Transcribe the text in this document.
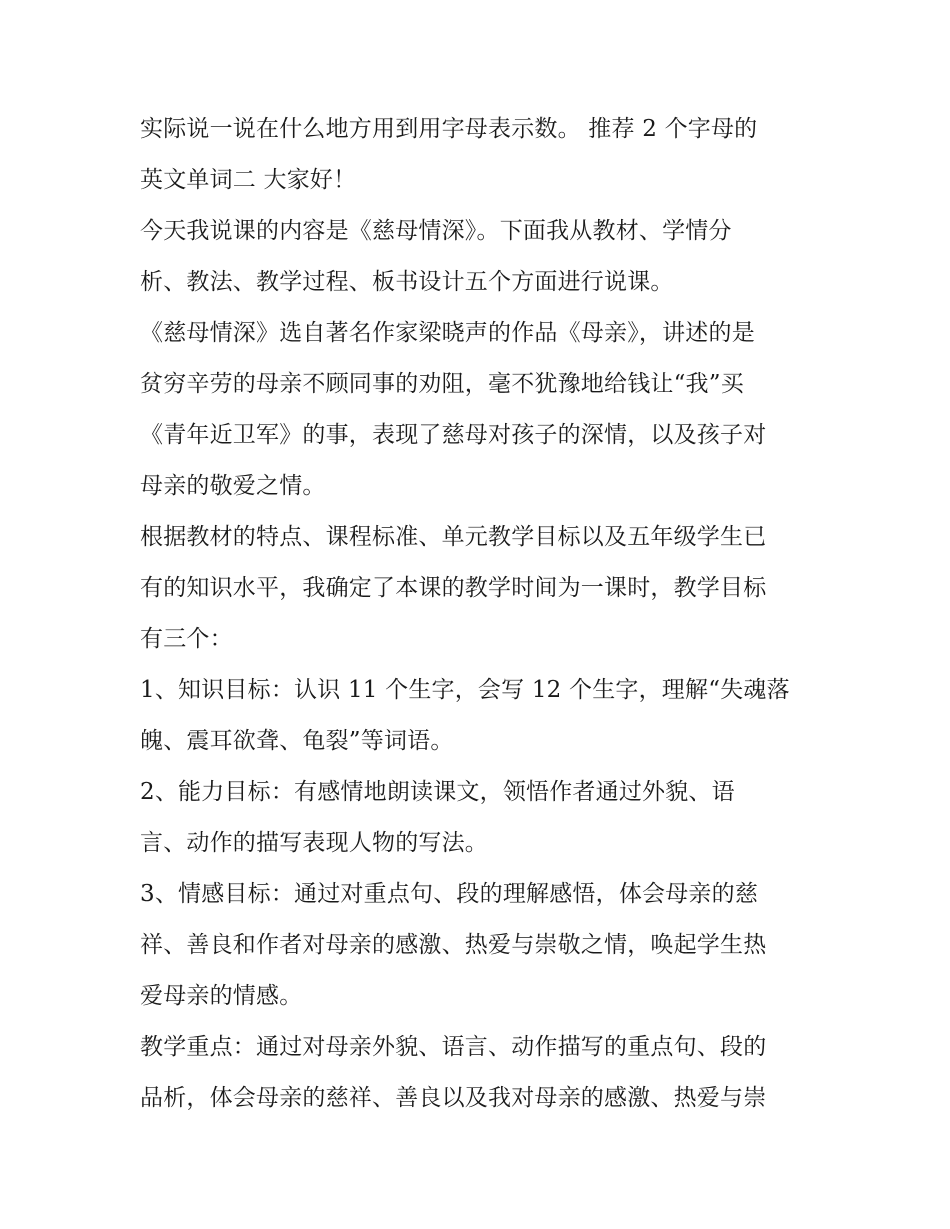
实际说一说在什么地方用到用字母表示数。 推荐 2 个字母的
英文单词二 大家好！
今天我说课的内容是《慈母情深》。下面我从教材、学情分
析、教法、教学过程、板书设计五个方面进行说课。
《慈母情深》选自著名作家梁晓声的作品《母亲》，讲述的是
贫穷辛劳的母亲不顾同事的劝阻，毫不犹豫地给钱让“我”买
《青年近卫军》的事，表现了慈母对孩子的深情，以及孩子对
母亲的敬爱之情。
根据教材的特点、课程标准、单元教学目标以及五年级学生已
有的知识水平，我确定了本课的教学时间为一课时，教学目标
有三个：
1、知识目标：认识 11 个生字，会写 12 个生字，理解“失魂落
魄、震耳欲聋、龟裂”等词语。
2、能力目标：有感情地朗读课文，领悟作者通过外貌、语
言、动作的描写表现人物的写法。
3、情感目标：通过对重点句、段的理解感悟，体会母亲的慈
祥、善良和作者对母亲的感激、热爱与崇敬之情，唤起学生热
爱母亲的情感。
教学重点：通过对母亲外貌、语言、动作描写的重点句、段的
品析，体会母亲的慈祥、善良以及我对母亲的感激、热爱与崇
